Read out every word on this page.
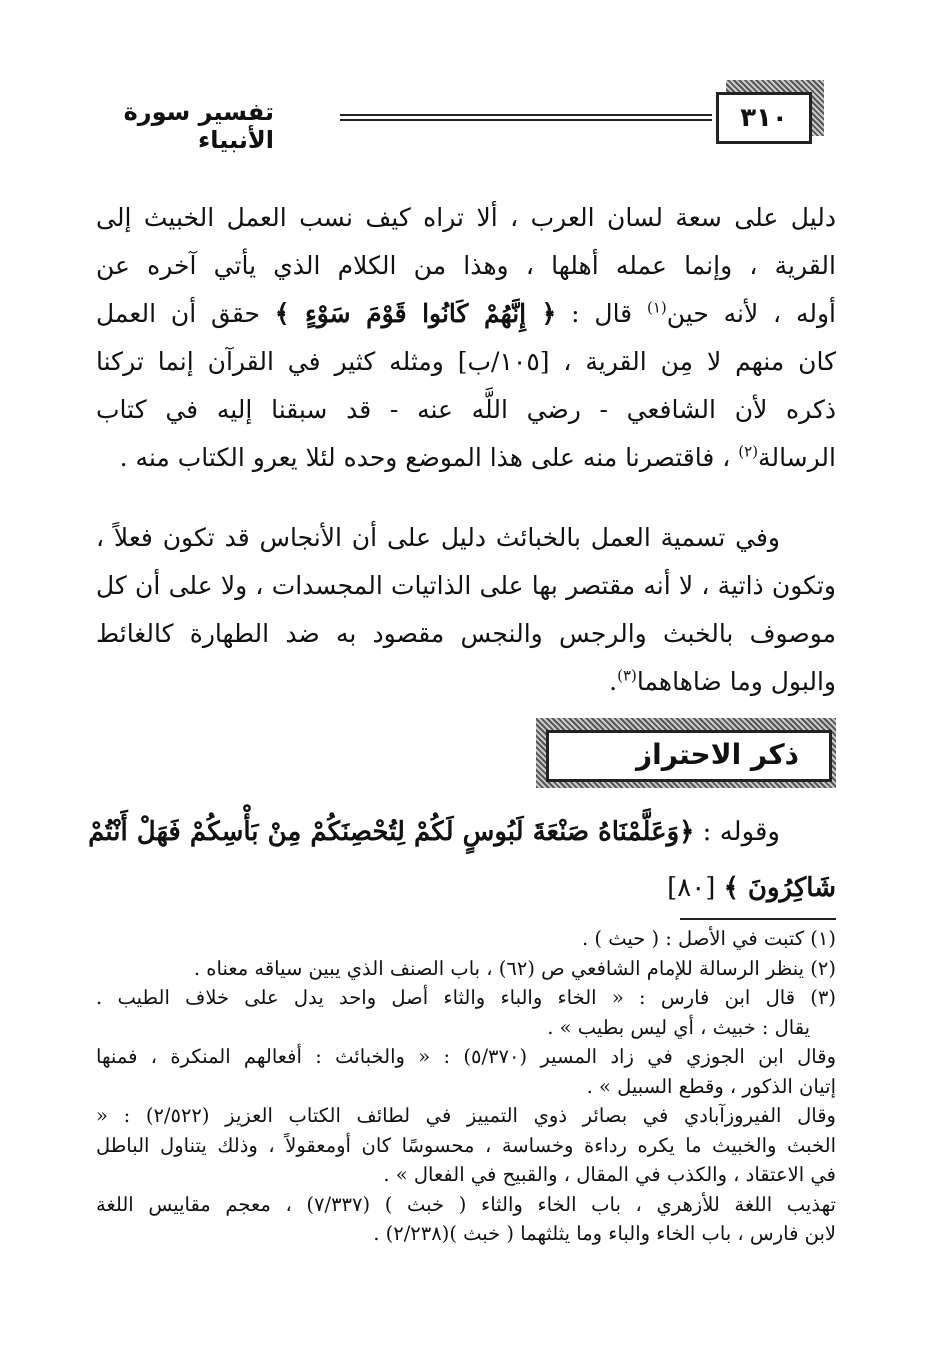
تفسير سورة الأنبياء
٣١٠
دليل على سعة لسان العرب ، ألا تراه كيف نسب العمل الخبيث إلى
القرية ، وإنما عمله أهلها ، وهذا من الكلام الذي يأتي آخره عن
أوله ، لأنه حين$^{(١)}$ قال : ﴿ إِنَّهُمْ كَانُوا قَوْمَ سَوْءٍ ﴾ حقق أن العمل
كان منهم لا مِن القرية ، [١٠٥/ب] ومثله كثير في القرآن إنما تركنا
ذكره لأن الشافعي - رضي اللَّه عنه - قد سبقنا إليه في كتاب
الرسالة$^{(٢)}$ ، فاقتصرنا منه على هذا الموضع وحده لئلا يعرو الكتاب منه .
وفي تسمية العمل بالخبائث دليل على أن الأنجاس قد تكون فعلاً ،
وتكون ذاتية ، لا أنه مقتصر بها على الذاتيات المجسدات ، ولا على أن كل
موصوف بالخبث والرجس والنجس مقصود به ضد الطهارة كالغائط
والبول وما ضاهاهما$^{(٣)}$.
ذكر الاحتراز
وقوله : ﴿وَعَلَّمْنَاهُ صَنْعَةَ لَبُوسٍ لَكُمْ لِتُحْصِنَكُمْ مِنْ بَأْسِكُمْ فَهَلْ أَنْتُمْ
شَاكِرُونَ ﴾ [٨٠]
(١) كتبت في الأصل : ( حيث ) .
(٢) ينظر الرسالة للإمام الشافعي ص (٦٢) ، باب الصنف الذي يبين سياقه معناه .
(٣) قال ابن فارس : « الخاء والباء والثاء أصل واحد يدل على خلاف الطيب .
يقال : خبيث ، أي ليس بطيب » .
وقال ابن الجوزي في زاد المسير (٥/٣٧٠) : « والخبائث : أفعالهم المنكرة ، فمنها
إتيان الذكور ، وقطع السبيل » .
وقال الفيروزآبادي في بصائر ذوي التمييز في لطائف الكتاب العزيز (٢/٥٢٢) : «
الخبث والخبيث ما يكره رداءة وخساسة ، محسوسًا كان أومعقولاً ، وذلك يتناول الباطل
في الاعتقاد ، والكذب في المقال ، والقبيح في الفعال » .
تهذيب اللغة للأزهري ، باب الخاء والثاء ( خبث ) (٧/٣٣٧) ، معجم مقاييس اللغة
لابن فارس ، باب الخاء والباء وما يثلثهما ( خبث )(٢/٢٣٨) .
